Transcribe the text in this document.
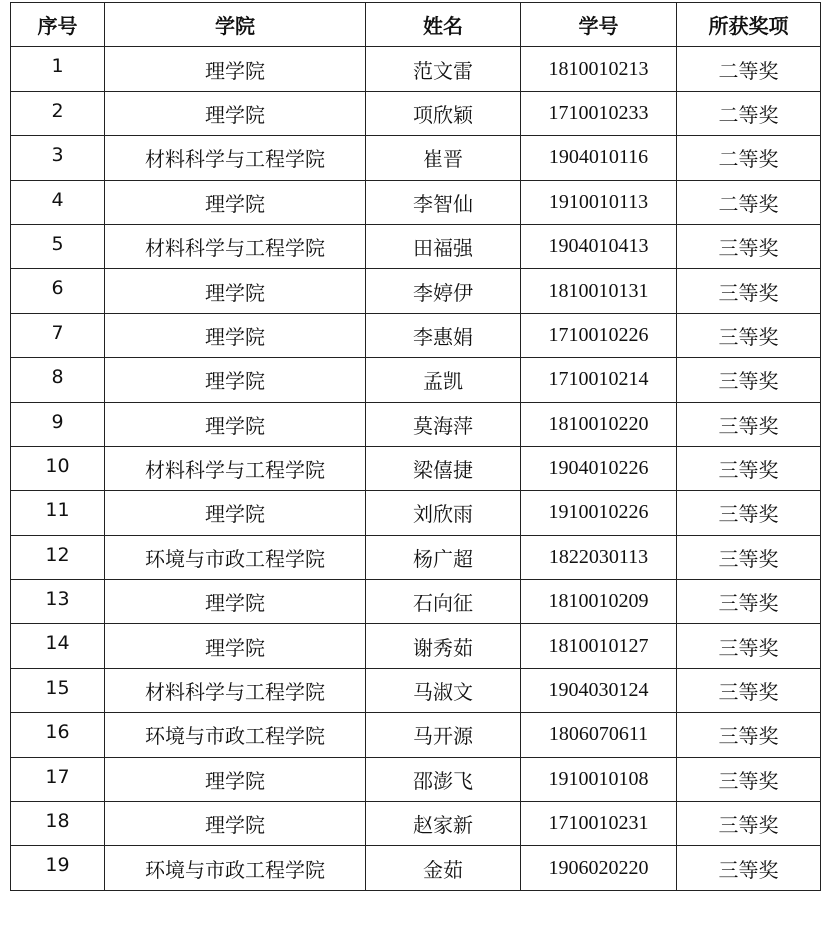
序号	学院	姓名	学号	所获奖项
1	理学院	范文雷	1810010213	二等奖
2	理学院	项欣颖	1710010233	二等奖
3	材料科学与工程学院	崔晋	1904010116	二等奖
4	理学院	李智仙	1910010113	二等奖
5	材料科学与工程学院	田福强	1904010413	三等奖
6	理学院	李婷伊	1810010131	三等奖
7	理学院	李惠娟	1710010226	三等奖
8	理学院	孟凯	1710010214	三等奖
9	理学院	莫海萍	1810010220	三等奖
10	材料科学与工程学院	梁僖捷	1904010226	三等奖
11	理学院	刘欣雨	1910010226	三等奖
12	环境与市政工程学院	杨广超	1822030113	三等奖
13	理学院	石向征	1810010209	三等奖
14	理学院	谢秀茹	1810010127	三等奖
15	材料科学与工程学院	马淑文	1904030124	三等奖
16	环境与市政工程学院	马开源	1806070611	三等奖
17	理学院	邵澎飞	1910010108	三等奖
18	理学院	赵家新	1710010231	三等奖
19	环境与市政工程学院	金茹	1906020220	三等奖
